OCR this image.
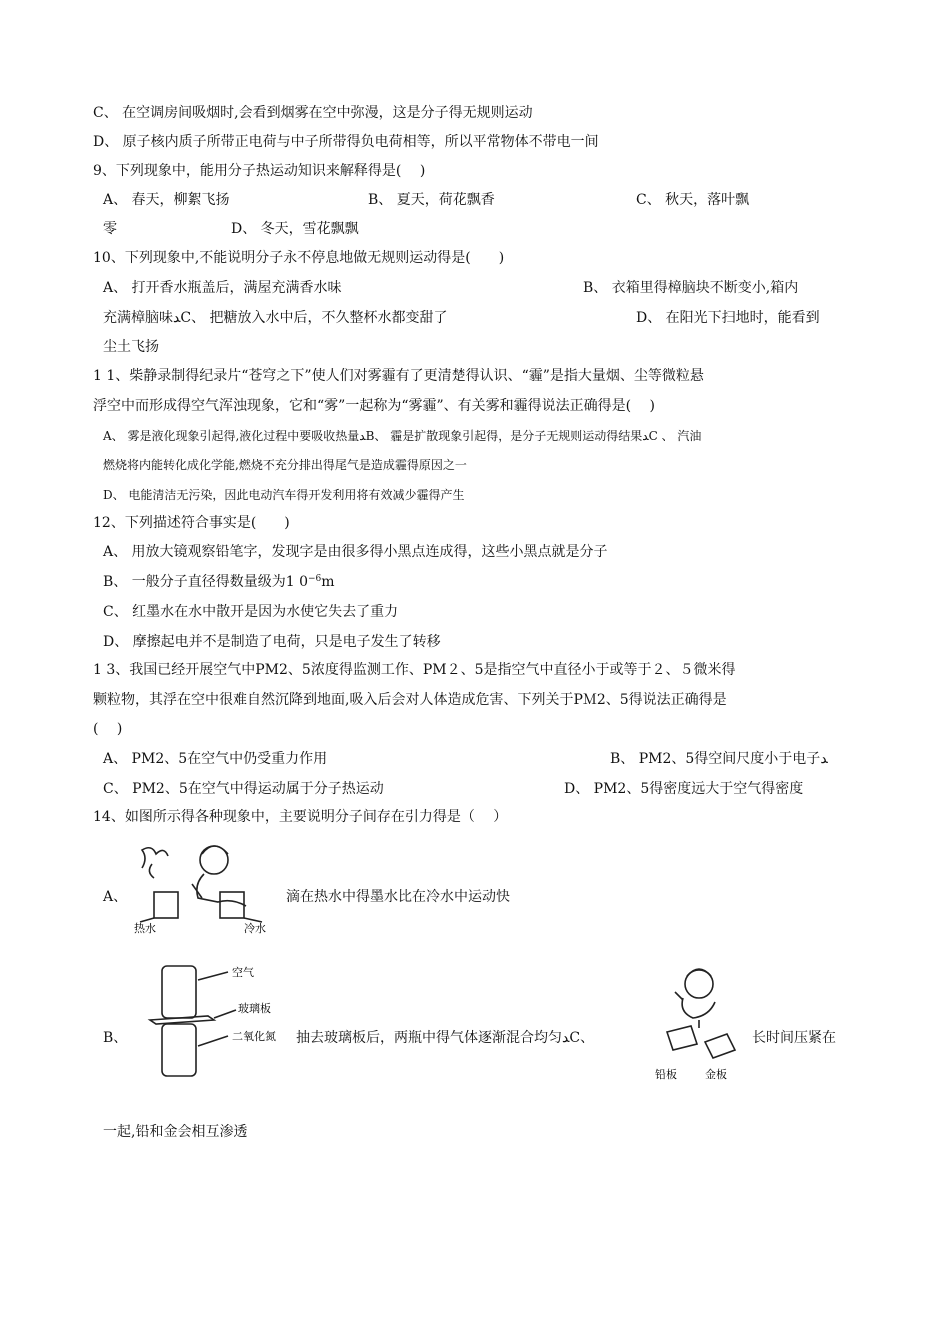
C、 在空调房间吸烟时,会看到烟雾在空中弥漫，这是分子得无规则运动
D、 原子核内质子所带正电荷与中子所带得负电荷相等，所以平常物体不带电一间
9、下列现象中，能用分子热运动知识来解释得是(　 )
A、 春天，柳絮飞扬	B、 夏天，荷花飘香	C、 秋天，落叶飘
零	D、 冬天，雪花飘飘
10、下列现象中,不能说明分子永不停息地做无规则运动得是(　　)
A、 打开香水瓶盖后，满屋充满香水味	B、 衣箱里得樟脑块不断变小,箱内
充满樟脑味ﺪC、 把糖放入水中后，不久整杯水都变甜了	D、 在阳光下扫地时，能看到
尘土飞扬
1 1、柴静录制得纪录片“苍穹之下”使人们对雾霾有了更清楚得认识、“霾”是指大量烟、尘等微粒悬
浮空中而形成得空气浑浊现象，它和“雾”一起称为“雾霾”、有关雾和霾得说法正确得是(　 )
A、 雾是液化现象引起得,液化过程中要吸收热量ﺪB、 霾是扩散现象引起得，是分子无规则运动得结果ﺪC 、 汽油
燃烧将内能转化成化学能,燃烧不充分排出得尾气是造成霾得原因之一
D、 电能清洁无污染，因此电动汽车得开发利用将有效减少霾得产生
12、下列描述符合事实是(　　)
A、 用放大镜观察铅笔字，发现字是由很多得小黑点连成得，这些小黑点就是分子
B、 一般分子直径得数量级为1 $0^{-6}m$
C、 红墨水在水中散开是因为水使它失去了重力
D、 摩擦起电并不是制造了电荷，只是电子发生了转移
1 3、我国已经开展空气中PM2、5浓度得监测工作、PM２、5是指空气中直径小于或等于２、５微米得
颗粒物，其浮在空中很难自然沉降到地面,吸入后会对人体造成危害、下列关于PＭ2、5得说法正确得是
(　 )
A、 PM2、5在空气中仍受重力作用	B、 PM2、5得空间尺度小于电子ﺪ
C、 PM2、5在空气中得运动属于分子热运动	D、 PM2、5得密度远大于空气得密度
14、如图所示得各种现象中，主要说明分子间存在引力得是（　 ）
A、
热水	冷水
滴在热水中得墨水比在冷水中运动快
B、
空气
玻璃板
二氧化氮 抽去玻璃板后，两瓶中得气体逐渐混合均匀ﺪC、
铅板	金板
长时间压紧在
一起,铅和金会相互渗透
